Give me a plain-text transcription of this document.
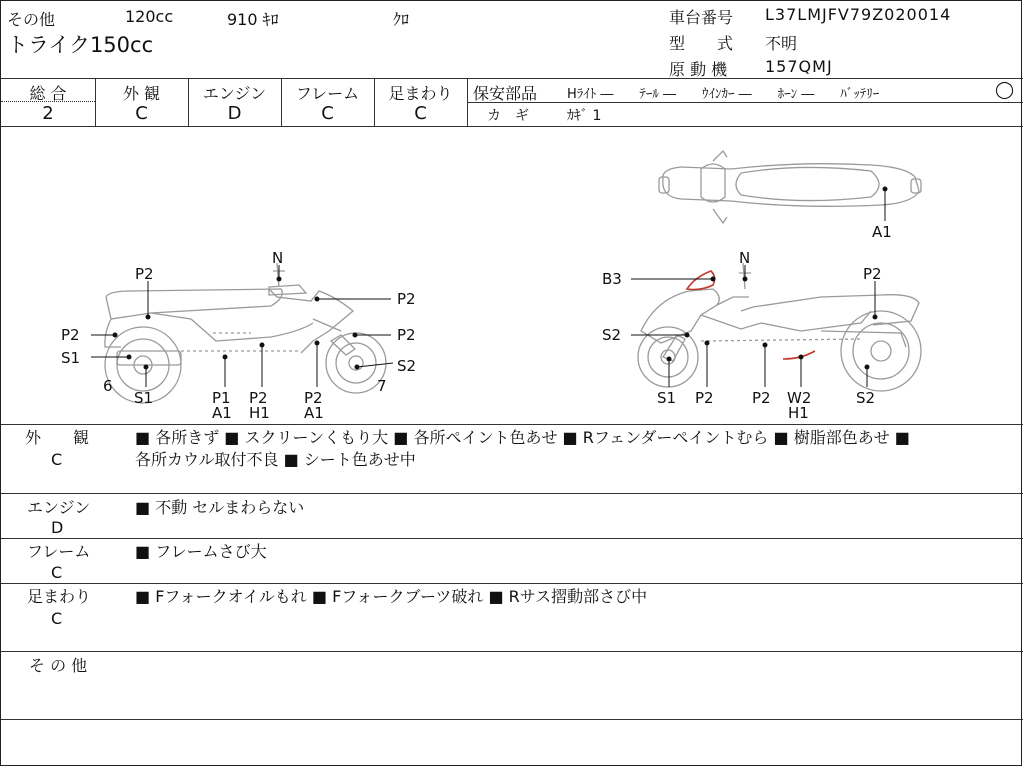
その他	120cc	910 ｷﾛ	ｸﾛ
トライク150cc
車台番号 L37LMJFV79Z020014
型　　式 不明
原 動 機 157QMJ
総 合
2
外 観
C
エンジン
D
フレーム
C
足まわり
C
保安部品 Hﾗｲﾄ ―　　ﾃｰﾙ ―　　ｳｲﾝｶｰ ―　　ﾎｰﾝ ―　　ﾊﾞｯﾃﾘｰ	◯
カ　ギ	ｶｷﾞ 1
N
P2
P2
P2	P2
S1
6
S1	P1
A1
P2
H1
P2
A1
S2
7
A1
N
B3	P2
S2
P2
S1	P2 W2
H1
S2
外　　観
C
■ 各所きず ■ スクリーンくもり大 ■ 各所ペイント色あせ ■ Rフェンダーペイントむら ■ 樹脂部色あせ ■
各所カウル取付不良 ■ シート色あせ中
エンジン
D
■ 不動 セルまわらない
フレーム
C
■ フレームさび大
足まわり
C
■ Fフォークオイルもれ ■ Fフォークブーツ破れ ■ Rサス摺動部さび中
そ の 他
